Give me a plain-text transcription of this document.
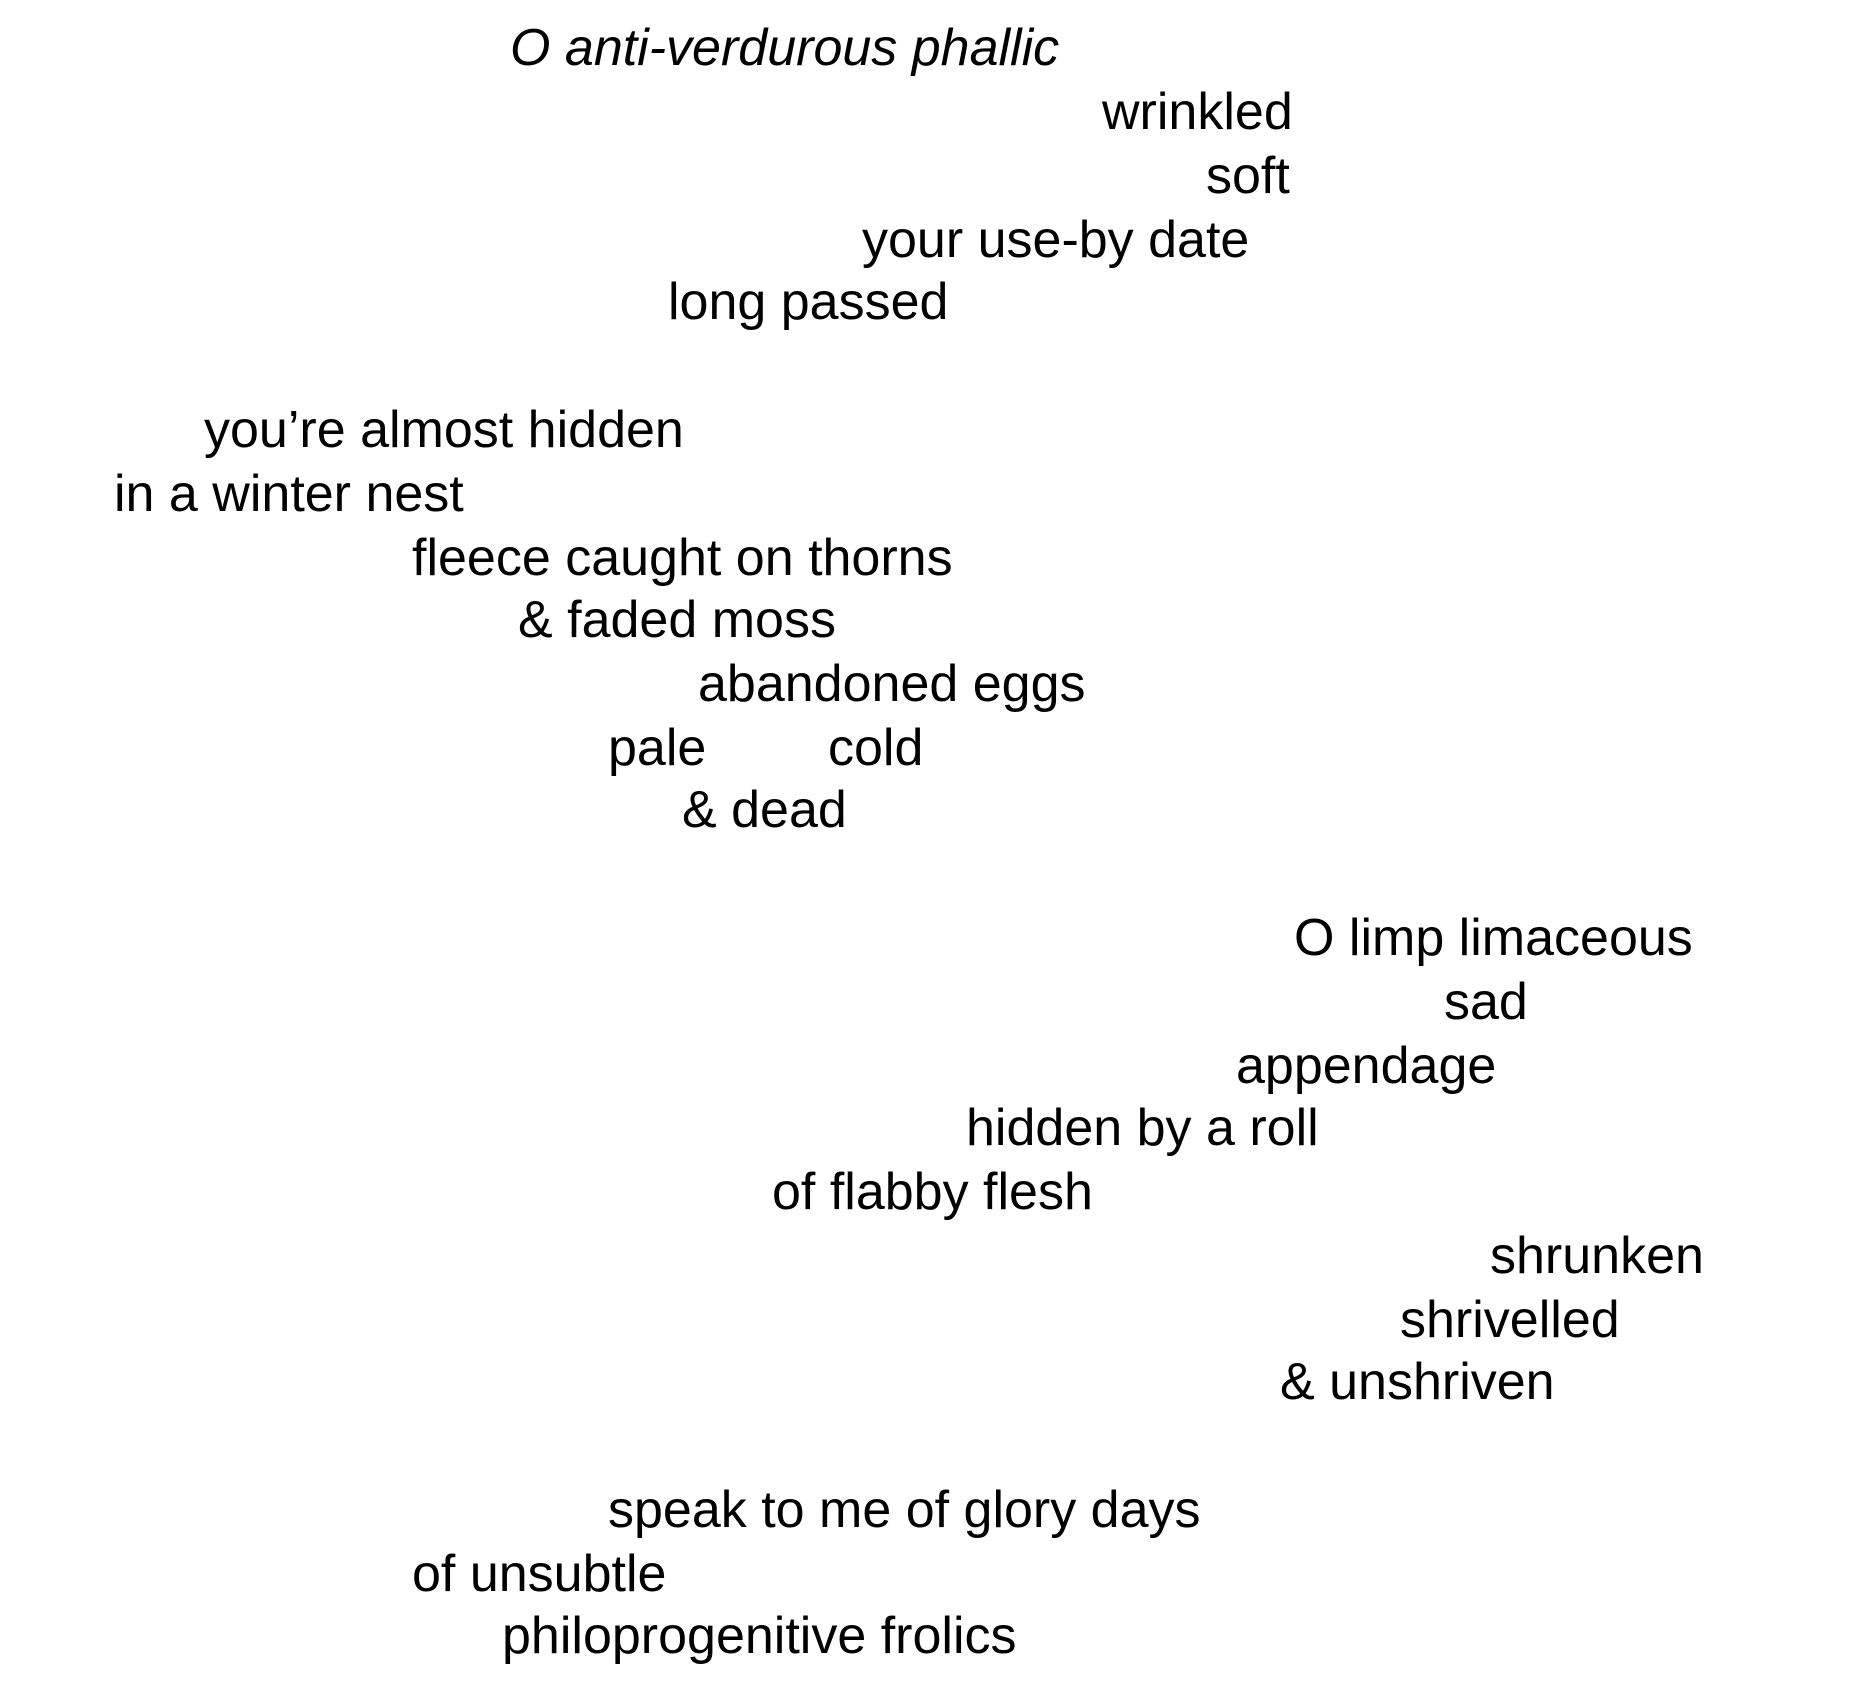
O anti-verdurous phallic

wrinkled

soft

your use-by date

long passed

you’re almost hidden

in a winter nest

fleece caught on thorns

& faded moss

abandoned eggs

pale cold

& dead

O limp limaceous

sad

appendage

hidden by a roll

of flabby flesh

shrunken

shrivelled

& unshriven

speak to me of glory days

of unsubtle

philoprogenitive frolics
